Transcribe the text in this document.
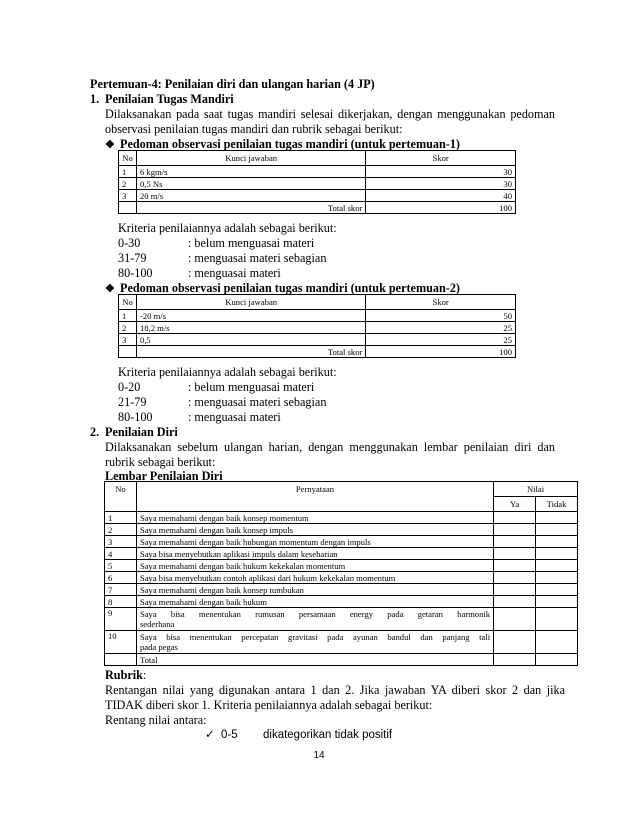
Pertemuan-4: Penilaian diri dan ulangan harian (4 JP)
1. Penilaian Tugas Mandiri
Dilaksanakan pada saat tugas mandiri selesai dikerjakan, dengan menggunakan pedoman
observasi penilaian tugas mandiri dan rubrik sebagai berikut:
❖ Pedoman observasi penilaian tugas mandiri (untuk pertemuan-1)
No	Kunci jawaban	Skor
1	6 kgm/s	30
2	0,5 Ns	30
3	20 m/s	40
	Total skor	100
Kriteria penilaiannya adalah sebagai berikut:
0-30	: belum menguasai materi
31-79	: menguasai materi sebagian
80-100	: menguasai materi
❖ Pedoman observasi penilaian tugas mandiri (untuk pertemuan-2)
No	Kunci jawaban	Skor
1	-20 m/s	50
2	18,2 m/s	25
3	0,5	25
	Total skor	100
Kriteria penilaiannya adalah sebagai berikut:
0-20	: belum menguasai materi
21-79	: menguasai materi sebagian
80-100	: menguasai materi
2. Penilaian Diri
Dilaksanakan sebelum ulangan harian, dengan menggunakan lembar penilaian diri dan
rubrik sebagai berikut:
Lembar Penilaian Diri
No	Pernyataan	Nilai	
		Ya	Tidak
1	Saya memahami dengan baik konsep momentum		
2	Saya memahami dengan baik konsep impuls		
3	Saya memahami dengan baik hubungan momentum dengan impuls		
4	Saya bisa menyebutkan aplikasi impuls dalam keseharian		
5	Saya memahami dengan baik hukum kekekalan momentum		
6	Saya bisa menyebutkan contoh aplikasi dari hukum kekekalan momentum		
7	Saya memahami dengan baik konsep tumbukan		
8	Saya memahami dengan baik hukum		
9	Saya bisa menentukan rumusan persamaan energy pada getaran harmonik
sederhana		

10	Saya bisa menentukan percepatan gravitasi pada ayunan bandul dan panjang tali
pada pegas		

	Total		
Rubrik:
Rentangan nilai yang digunakan antara 1 dan 2. Jika jawaban YA diberi skor 2 dan jika
TIDAK diberi skor 1. Kriteria penilaiannya adalah sebagai berikut:
Rentang nilai antara:
✓ 0-5 dikategorikan tidak positif
14
